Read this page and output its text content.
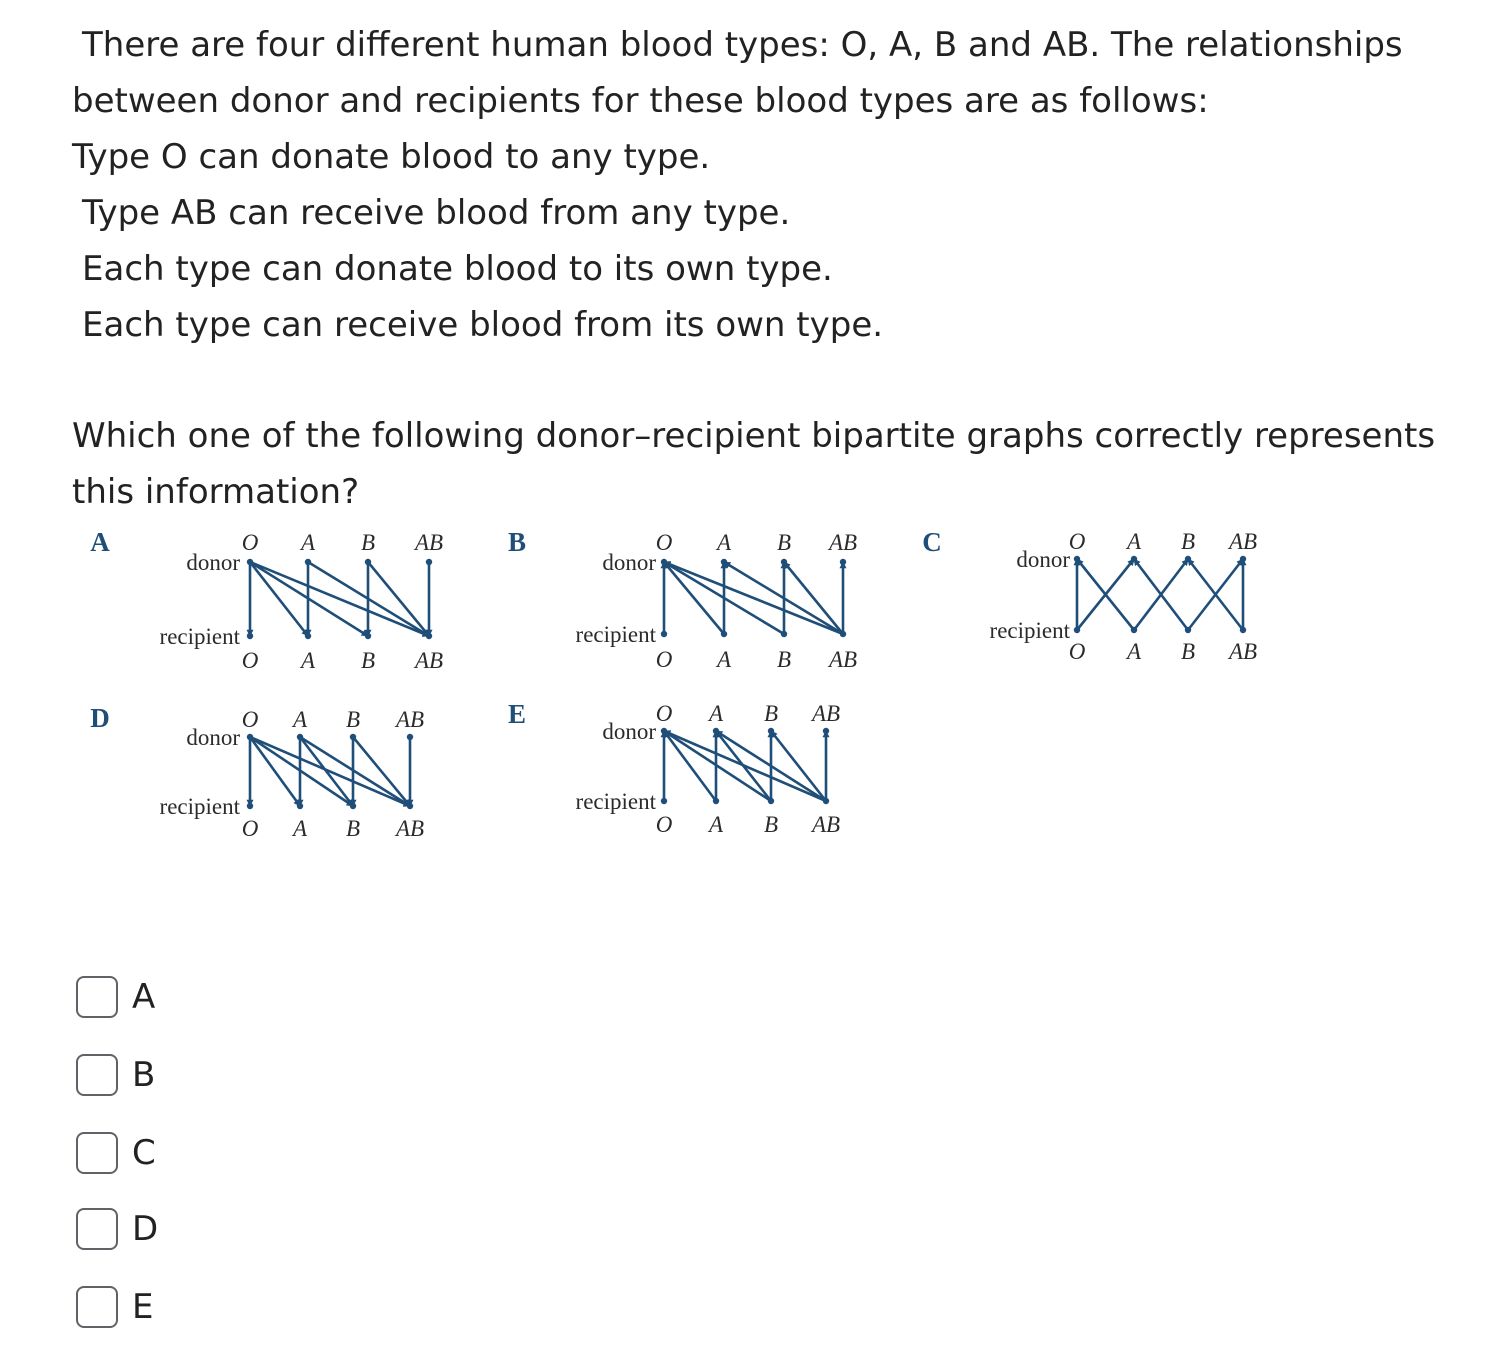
There are four different human blood types: O, A, B and AB. The relationships
between donor and recipients for these blood types are as follows:
Type O can donate blood to any type.
Type AB can receive blood from any type.
Each type can donate blood to its own type.
Each type can receive blood from its own type.
Which one of the following donor–recipient bipartite graphs correctly represents
this information?
A
donor
recipient
O
O
A
A
B
B
AB
AB
B
donor
recipient
O
O
A
A
B
B
AB
AB
C
donor
recipient
O
O
A
A
B
B
AB
AB
D
donor
recipient
O
O
A
A
B
B
AB
AB
E
donor
recipient
O
O
A
A
B
B
AB
AB
A
B
C
D
E
